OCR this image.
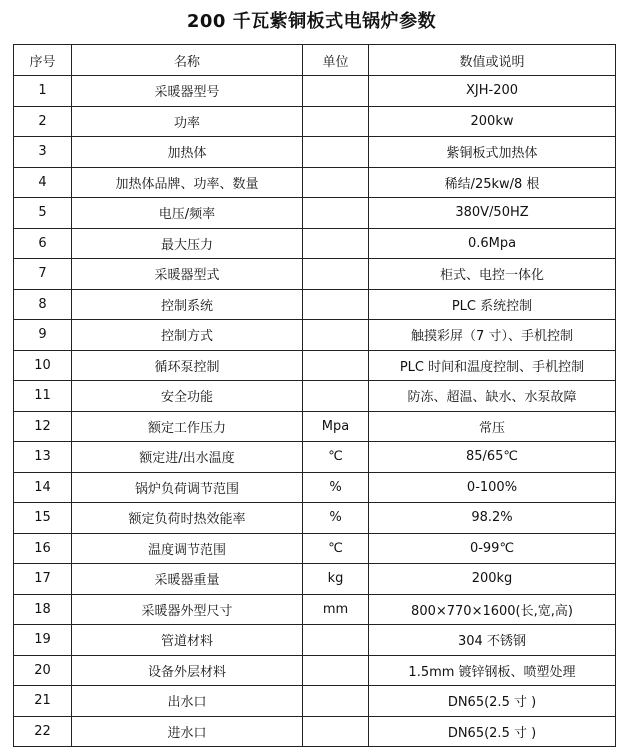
200 千瓦紫铜板式电锅炉参数
序号	名称	单位	数值或说明
1	采暖器型号		XJH-200
2	功率		200kw
3	加热体		紫铜板式加热体
4	加热体品牌、功率、数量		稀结/25kw/8 根
5	电压/频率		380V/50HZ
6	最大压力		0.6Mpa
7	采暖器型式		柜式、电控一体化
8	控制系统		PLC 系统控制
9	控制方式		触摸彩屏（7 寸）、手机控制
10	循环泵控制		PLC 时间和温度控制、手机控制
11	安全功能		防冻、超温、缺水、水泵故障
12	额定工作压力	Mpa	常压
13	额定进/出水温度	℃	85/65℃
14	锅炉负荷调节范围	%	0-100%
15	额定负荷时热效能率	%	98.2%
16	温度调节范围	℃	0-99℃
17	采暖器重量	kg	200kg
18	采暖器外型尺寸	mm	800×770×1600(长,宽,高)
19	管道材料		304 不锈钢
20	设备外层材料		1.5mm 镀锌钢板、喷塑处理
21	出水口		DN65(2.5 寸 )
22	进水口		DN65(2.5 寸 )
